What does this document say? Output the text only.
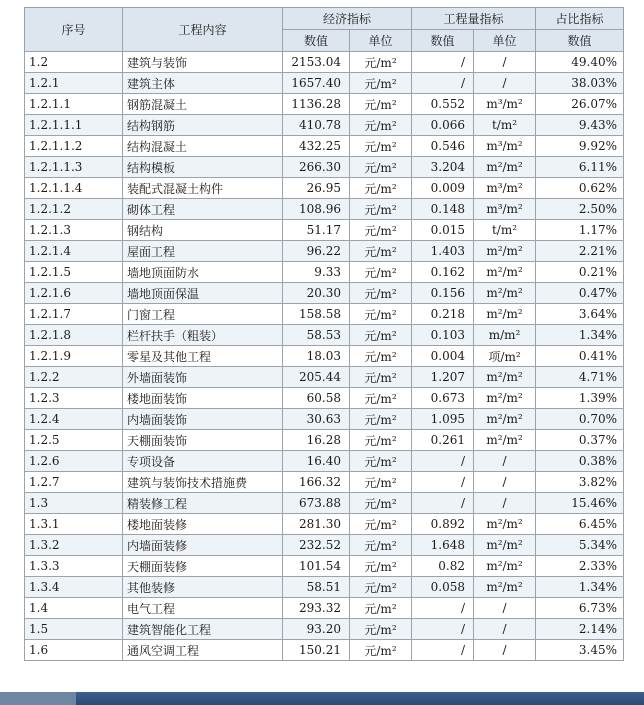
序号	工程内容	经济指标		工程量指标		占比指标
		数值	单位	数值	单位	数值
1.2	建筑与装饰	2153.04	元/m²	/	/	49.40%
1.2.1	建筑主体	1657.40	元/m²	/	/	38.03%
1.2.1.1	钢筋混凝土	1136.28	元/m²	0.552	m³/m²	26.07%
1.2.1.1.1	结构钢筋	410.78	元/m²	0.066	t/m²	9.43%
1.2.1.1.2	结构混凝土	432.25	元/m²	0.546	m³/m²	9.92%
1.2.1.1.3	结构模板	266.30	元/m²	3.204	m²/m²	6.11%
1.2.1.1.4	装配式混凝土构件	26.95	元/m²	0.009	m³/m²	0.62%
1.2.1.2	砌体工程	108.96	元/m²	0.148	m³/m²	2.50%
1.2.1.3	钢结构	51.17	元/m²	0.015	t/m²	1.17%
1.2.1.4	屋面工程	96.22	元/m²	1.403	m²/m²	2.21%
1.2.1.5	墙地顶面防水	9.33	元/m²	0.162	m²/m²	0.21%
1.2.1.6	墙地顶面保温	20.30	元/m²	0.156	m²/m²	0.47%
1.2.1.7	门窗工程	158.58	元/m²	0.218	m²/m²	3.64%
1.2.1.8	栏杆扶手（粗装）	58.53	元/m²	0.103	m/m²	1.34%
1.2.1.9	零星及其他工程	18.03	元/m²	0.004	项/m²	0.41%
1.2.2	外墙面装饰	205.44	元/m²	1.207	m²/m²	4.71%
1.2.3	楼地面装饰	60.58	元/m²	0.673	m²/m²	1.39%
1.2.4	内墙面装饰	30.63	元/m²	1.095	m²/m²	0.70%
1.2.5	天棚面装饰	16.28	元/m²	0.261	m²/m²	0.37%
1.2.6	专项设备	16.40	元/m²	/	/	0.38%
1.2.7	建筑与装饰技术措施费	166.32	元/m²	/	/	3.82%
1.3	精装修工程	673.88	元/m²	/	/	15.46%
1.3.1	楼地面装修	281.30	元/m²	0.892	m²/m²	6.45%
1.3.2	内墙面装修	232.52	元/m²	1.648	m²/m²	5.34%
1.3.3	天棚面装修	101.54	元/m²	0.82	m²/m²	2.33%
1.3.4	其他装修	58.51	元/m²	0.058	m²/m²	1.34%
1.4	电气工程	293.32	元/m²	/	/	6.73%
1.5	建筑智能化工程	93.20	元/m²	/	/	2.14%
1.6	通风空调工程	150.21	元/m²	/	/	3.45%
